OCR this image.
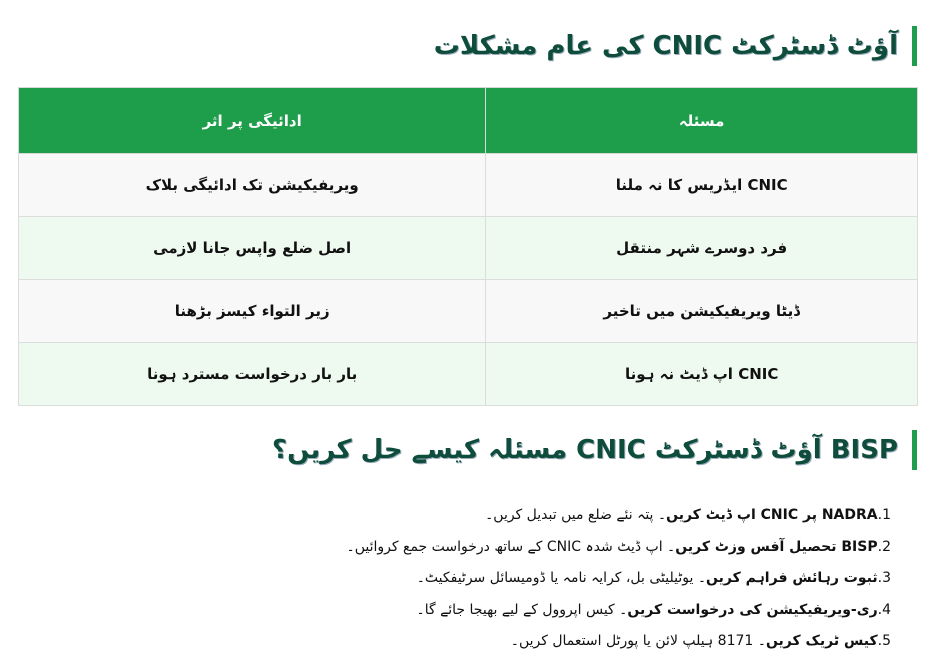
آؤٹ ڈسٹرکٹ CNIC کی عام مشکلات
مسئلہ	ادائیگی پر اثر
CNIC ایڈریس کا نہ ملنا	ویریفیکیشن تک ادائیگی بلاک
فرد دوسرے شہر منتقل	اصل ضلع واپس جانا لازمی
ڈیٹا ویریفیکیشن میں تاخیر	زیر التواء کیسز بڑھنا
CNIC اپ ڈیٹ نہ ہونا	بار بار درخواست مسترد ہونا
BISP آؤٹ ڈسٹرکٹ CNIC مسئلہ کیسے حل کریں؟
1.NADRA پر CNIC اپ ڈیٹ کریں۔ پتہ نئے ضلع میں تبدیل کریں۔
2.BISP تحصیل آفس وزٹ کریں۔ اپ ڈیٹ شدہ CNIC کے ساتھ درخواست جمع کروائیں۔
3.ثبوت رہائش فراہم کریں۔ یوٹیلیٹی بل، کرایہ نامہ یا ڈومیسائل سرٹیفکیٹ۔
4.ری-ویریفیکیشن کی درخواست کریں۔ کیس اپروول کے لیے بھیجا جائے گا۔
5.کیس ٹریک کریں۔ 8171 ہیلپ لائن یا پورٹل استعمال کریں۔
